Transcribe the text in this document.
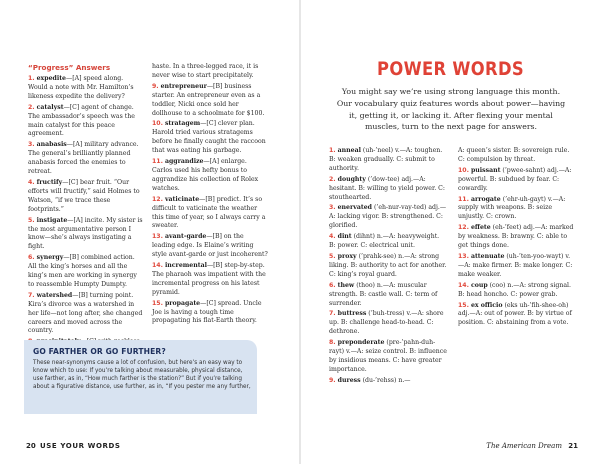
“Progress” Answers

1. expedite—[A] speed along. Would a note with Mr. Hamilton’s likeness expedite the delivery?

2. catalyst—[C] agent of change. The ambassador’s speech was the main catalyst for this peace agreement.

3. anabasis—[A] military advance. The general’s brilliantly planned anabasis forced the enemies to retreat.

4. fructify—[C] bear fruit. “Our efforts will fructify,” said Holmes to Watson, “if we trace these footprints.”

5. instigate—[A] incite. My sister is the most argumentative person I know—she’s always instigating a fight.

6. synergy—[B] combined action. All the king’s horses and all the king’s men are working in synergy to reassemble Humpty Dumpty.

7. watershed—[B] turning point. Kira’s divorce was a watershed in her life—not long after, she changed careers and moved across the country.

haste. In a three-legged race, it is never wise to start precipitately.

9. entrepreneur—[B] business starter. An entrepreneur even as a toddler, Nicki once sold her dollhouse to a schoolmate for $100.

10. stratagem—[C] clever plan. Harold tried various stratagems before he finally caught the raccoon that was eating his garbage.

11. aggrandize—[A] enlarge. Carlos used his hefty bonus to aggrandize his collection of Rolex watches.

12. vaticinate—[B] predict. It’s so difficult to vaticinate the weather this time of year, so I always carry a sweater.

13. avant-garde—[B] on the leading edge. Is Elaine’s writing style avant-garde or just incoherent?

14. incremental—[B] step-by-step. The pharaoh was impatient with the incremental progress on his latest pyramid.

15. propagate—[C] spread. Uncle Joe is having a tough time propagating his flat-Earth theory.

GO FARTHER OR GO FURTHER?
These near-synonyms cause a lot of confusion, but here’s an easy way to know which to use: If you’re talking about measurable, physical distance, use farther, as in, “How much farther is the station?” But if you’re talking about a figurative distance, use further, as in, “If you pester me any further,
20 USE YOUR WORDS
POWER WORDS
You might say we’re using strong language this month. Our vocabulary quiz features words about power—having it, getting it, or lacking it. After flexing your mental muscles, turn to the next page for answers.

1. anneal (uh-’neel) v.—A: toughen. B: weaken gradually. C: submit to authority.

2. doughty (’dow-tee) adj.—A: hesitant. B: willing to yield power. C: stouthearted.

3. enervated (’eh-nur-vay-ted) adj.—A: lacking vigor. B: strengthened. C: glorified.

4. dint (dihnt) n.—A: heavyweight. B: power. C: electrical unit.

5. proxy (’prahk-see) n.—A: strong liking. B: authority to act for another. C: king’s royal guard.

6. thew (thoo) n.—A: muscular strength. B: castle wall. C: term of surrender.

7. buttress (’buh-tress) v.—A: shore up. B: challenge head-to-head. C: dethrone.

8. preponderate (pre-’pahn-duh-rayt) v.—A: seize control. B: influence by insidious means. C: have greater importance.

9. duress (du-’rehss) n.—

A: queen’s sister. B: sovereign rule. C: compulsion by threat.

10. puissant (’pwee-sahnt) adj.—A: powerful. B: subdued by fear. C: cowardly.

11. arrogate (’ehr-uh-gayt) v.—A: supply with weapons. B: seize unjustly. C: crown.

12. effete (eh-’feet) adj.—A: marked by weakness. B: brawny. C: able to get things done.

13. attenuate (uh-’ten-yoo-wayt) v.—A: make firmer. B: make longer. C: make weaker.

14. coup (coo) n.—A: strong signal. B: head honcho. C: power grab.

15. ex officio (eks uh-’fih-shee-oh) adj.—A: out of power. B: by virtue of position. C: abstaining from a vote.

The American Dream 21
